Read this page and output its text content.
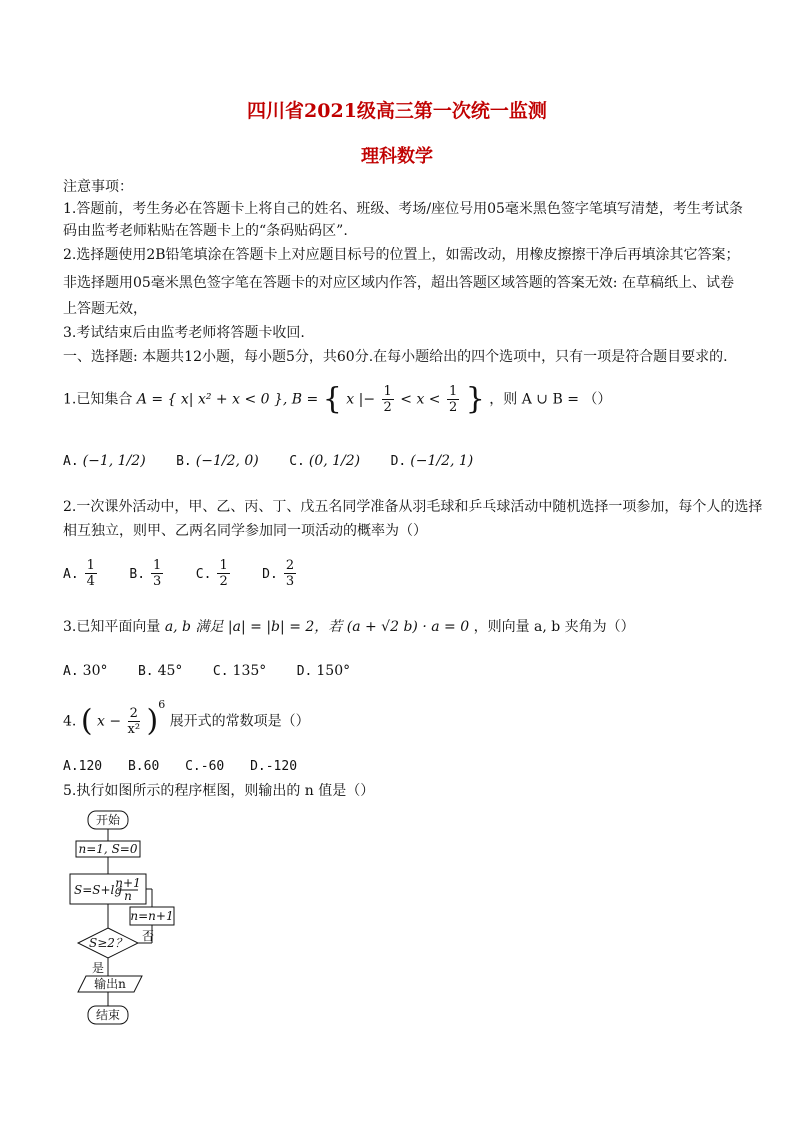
四川省2021级高三第一次统一监测
理科数学
注意事项：
1.答题前，考生务必在答题卡上将自己的姓名、班级、考场/座位号用05毫米黑色签字笔填写清楚，考生考试条
码由监考老师粘贴在答题卡上的“条码贴码区”.
2.选择题使用2B铅笔填涂在答题卡上对应题目标号的位置上，如需改动，用橡皮擦擦干净后再填涂其它答案；
非选择题用05毫米黑色签字笔在答题卡的对应区域内作答，超出答题区域答题的答案无效: 在草稿纸上、试卷
上答题无效，
3.考试结束后由监考老师将答题卡收回.
一、选择题: 本题共12小题，每小题5分，共60分.在每小题给出的四个选项中，只有一项是符合题目要求的.
1.已知集合 A = { x| x² + x < 0 }, B = { x |− $\frac{1}{2} < x < \frac{1}{2}$ } ，则 A ∪ B = （）
A. (−1, 1/2) B. (−1/2, 0) C. (0, 1/2) D. (−1/2, 1)
2.一次课外活动中，甲、乙、丙、丁、戊五名同学准备从羽毛球和乒乓球活动中随机选择一项参加，每个人的选择
相互独立，则甲、乙两名同学参加同一项活动的概率为（）
A. $\frac{1}{4} B$. $\frac{1}{3} C$. $\frac{1}{2} D$. $\frac{2}{3}$
3.已知平面向量 a, b 满足 |a| = |b| = 2，若 (a + √2 b) · a = 0 ，则向量 a, b 夹角为（）
A. 30° B. 45° C. 135° D. 150°
4. ( $x - \frac{2}{\text{x²}} )^6$ 展开式的常数项是（）
A.120 B.60 C.-60 D.-120
5.执行如图所示的程序框图，则输出的 n 值是（）
开始
n=1, S=0
S=S+lg
n+1
n
n=n+1
S≥2？ 否
是
输出n
结束
